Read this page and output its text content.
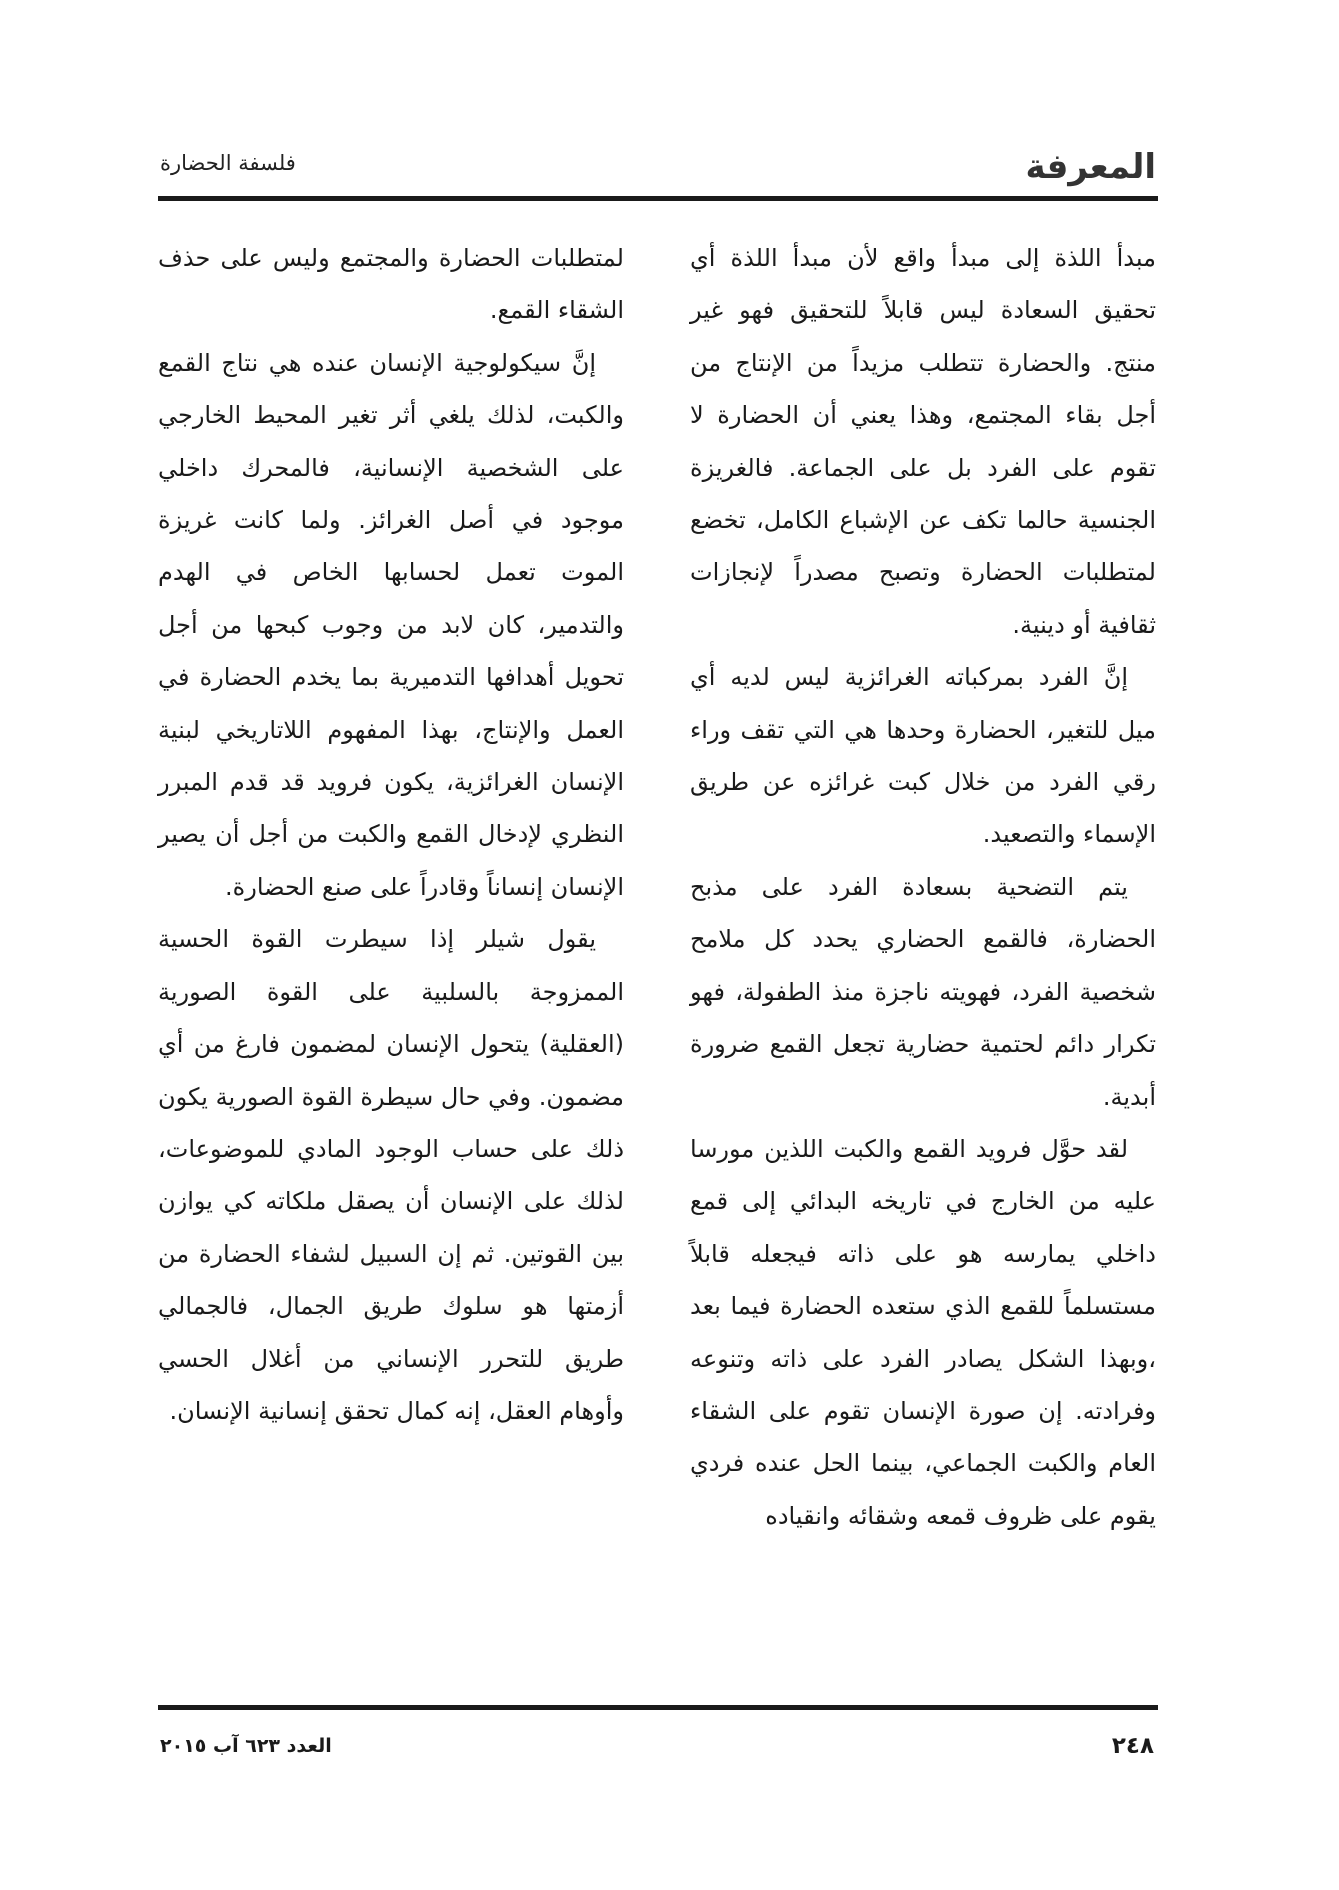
المعرفة
فلسفة الحضارة

مبدأ اللذة إلى مبدأ واقع لأن مبدأ اللذة أي تحقيق السعادة ليس قابلاً للتحقيق فهو غير منتج. والحضارة تتطلب مزيداً من الإنتاج من أجل بقاء المجتمع، وهذا يعني أن الحضارة لا تقوم على الفرد بل على الجماعة. فالغريزة الجنسية حالما تكف عن الإشباع الكامل، تخضع لمتطلبات الحضارة وتصبح مصدراً لإنجازات ثقافية أو دينية.

إنَّ الفرد بمركباته الغرائزية ليس لديه أي ميل للتغير، الحضارة وحدها هي التي تقف وراء رقي الفرد من خلال كبت غرائزه عن طريق الإسماء والتصعيد.

يتم التضحية بسعادة الفرد على مذبح الحضارة، فالقمع الحضاري يحدد كل ملامح شخصية الفرد، فهويته ناجزة منذ الطفولة، فهو تكرار دائم لحتمية حضارية تجعل القمع ضرورة أبدية.

لقد حوَّل فرويد القمع والكبت اللذين مورسا عليه من الخارج في تاريخه البدائي إلى قمع داخلي يمارسه هو على ذاته فيجعله قابلاً مستسلماً للقمع الذي ستعده الحضارة فيما بعد ،وبهذا الشكل يصادر الفرد على ذاته وتنوعه وفرادته. إن صورة الإنسان تقوم على الشقاء العام والكبت الجماعي، بينما الحل عنده فردي يقوم على ظروف قمعه وشقائه وانقياده

لمتطلبات الحضارة والمجتمع وليس على حذف الشقاء القمع.

إنَّ سيكولوجية الإنسان عنده هي نتاج القمع والكبت، لذلك يلغي أثر تغير المحيط الخارجي على الشخصية الإنسانية، فالمحرك داخلي موجود في أصل الغرائز. ولما كانت غريزة الموت تعمل لحسابها الخاص في الهدم والتدمير، كان لابد من وجوب كبحها من أجل تحويل أهدافها التدميرية بما يخدم الحضارة في العمل والإنتاج، بهذا المفهوم اللاتاريخي لبنية الإنسان الغرائزية، يكون فرويد قد قدم المبرر النظري لإدخال القمع والكبت من أجل أن يصير الإنسان إنساناً وقادراً على صنع الحضارة.

يقول شيلر إذا سيطرت القوة الحسية الممزوجة بالسلبية على القوة الصورية (العقلية) يتحول الإنسان لمضمون فارغ من أي مضمون. وفي حال سيطرة القوة الصورية يكون ذلك على حساب الوجود المادي للموضوعات، لذلك على الإنسان أن يصقل ملكاته كي يوازن بين القوتين. ثم إن السبيل لشفاء الحضارة من أزمتها هو سلوك طريق الجمال، فالجمالي طريق للتحرر الإنساني من أغلال الحسي وأوهام العقل، إنه كمال تحقق إنسانية الإنسان.

٢٤٨
العدد ٦٢٣ آب ٢٠١٥
